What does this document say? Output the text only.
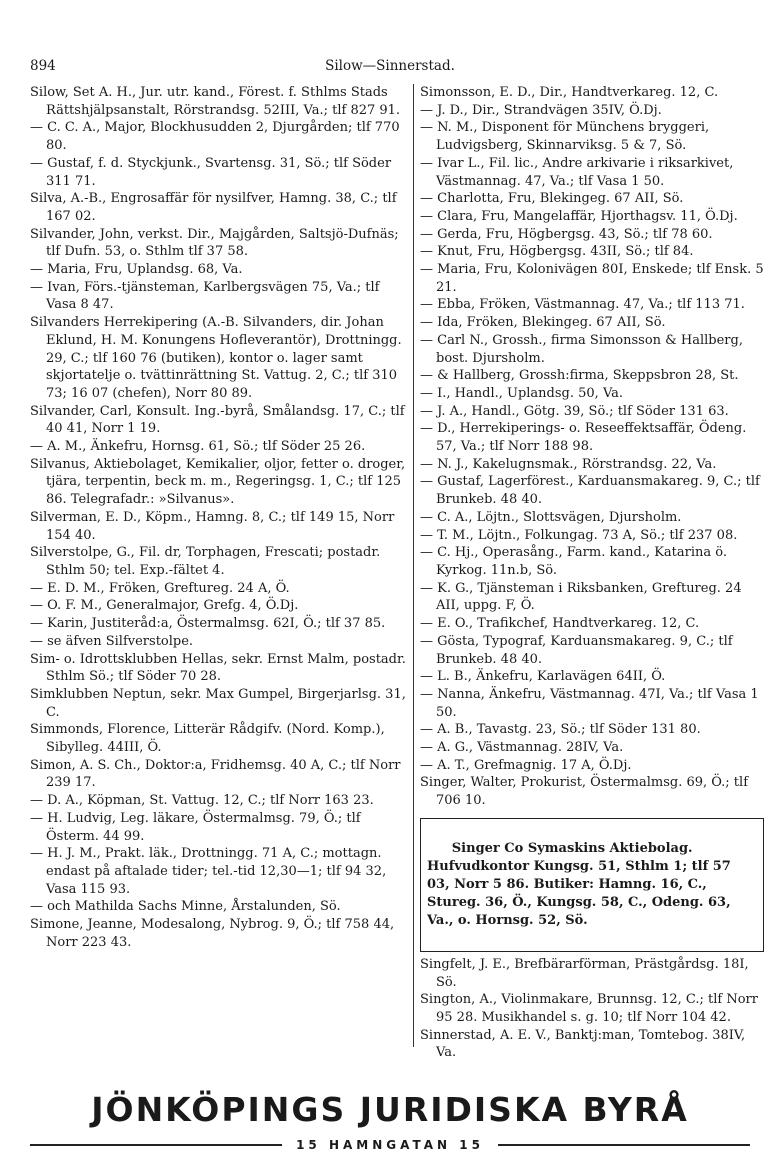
894	Silow—Sinnerstad.
Silow, Set A. H., Jur. utr. kand., Förest. f. Sthlms Stads Rättshjälpsanstalt, Rörstrandsg. 52III, Va.; tlf 827 91.
— C. C. A., Major, Blockhusudden 2, Djurgården; tlf 770 80.
— Gustaf, f. d. Styckjunk., Svartensg. 31, Sö.; tlf Söder 311 71.
Silva, A.-B., Engrosaffär för nysilfver, Hamng. 38, C.; tlf 167 02.
Silvander, John, verkst. Dir., Majgården, Saltsjö-Dufnäs; tlf Dufn. 53, o. Sthlm tlf 37 58.
— Maria, Fru, Uplandsg. 68, Va.
— Ivan, Förs.-tjänsteman, Karlbergsvägen 75, Va.; tlf Vasa 8 47.
Silvanders Herrekipering (A.-B. Silvanders, dir. Johan Eklund, H. M. Konungens Hofleverantör), Drottningg. 29, C.; tlf 160 76 (butiken), kontor o. lager samt skjortatelje o. tvättinrättning St. Vattug. 2, C.; tlf 310 73; 16 07 (chefen), Norr 80 89.
Silvander, Carl, Konsult. Ing.-byrå, Smålandsg. 17, C.; tlf 40 41, Norr 1 19.
— A. M., Änkefru, Hornsg. 61, Sö.; tlf Söder 25 26.
Silvanus, Aktiebolaget, Kemikalier, oljor, fetter o. droger, tjära, terpentin, beck m. m., Regeringsg. 1, C.; tlf 125 86. Telegrafadr.: »Silvanus».
Silverman, E. D., Köpm., Hamng. 8, C.; tlf 149 15, Norr 154 40.
Silverstolpe, G., Fil. dr, Torphagen, Frescati; postadr. Sthlm 50; tel. Exp.-fältet 4.
— E. D. M., Fröken, Greftureg. 24 A, Ö.
— O. F. M., Generalmajor, Grefg. 4, Ö.Dj.
— Karin, Justiteråd:a, Östermalmsg. 62I, Ö.; tlf 37 85.
— se äfven Silfverstolpe.
Sim- o. Idrottsklubben Hellas, sekr. Ernst Malm, postadr. Sthlm Sö.; tlf Söder 70 28.
Simklubben Neptun, sekr. Max Gumpel, Birgerjarlsg. 31, C.
Simmonds, Florence, Litterär Rådgifv. (Nord. Komp.), Sibylleg. 44III, Ö.
Simon, A. S. Ch., Doktor:a, Fridhemsg. 40 A, C.; tlf Norr 239 17.
— D. A., Köpman, St. Vattug. 12, C.; tlf Norr 163 23.
— H. Ludvig, Leg. läkare, Östermalmsg. 79, Ö.; tlf Österm. 44 99.
— H. J. M., Prakt. läk., Drottningg. 71 A, C.; mottagn. endast på aftalade tider; tel.-tid 12,30—1; tlf 94 32, Vasa 115 93.
— och Mathilda Sachs Minne, Årstalunden, Sö.
Simone, Jeanne, Modesalong, Nybrog. 9, Ö.; tlf 758 44, Norr 223 43.
Simonsson, E. D., Dir., Handtverkareg. 12, C.
— J. D., Dir., Strandvägen 35IV, Ö.Dj.
— N. M., Disponent för Münchens bryggeri, Ludvigsberg, Skinnarviksg. 5 & 7, Sö.
— Ivar L., Fil. lic., Andre arkivarie i riksarkivet, Västmannag. 47, Va.; tlf Vasa 1 50.
— Charlotta, Fru, Blekingeg. 67 AII, Sö.
— Clara, Fru, Mangelaffär, Hjorthagsv. 11, Ö.Dj.
— Gerda, Fru, Högbergsg. 43, Sö.; tlf 78 60.
— Knut, Fru, Högbergsg. 43II, Sö.; tlf 84.
— Maria, Fru, Kolonivägen 80I, Enskede; tlf Ensk. 5 21.
— Ebba, Fröken, Västmannag. 47, Va.; tlf 113 71.
— Ida, Fröken, Blekingeg. 67 AII, Sö.
— Carl N., Grossh., firma Simonsson & Hallberg, bost. Djursholm.
— & Hallberg, Grossh:firma, Skeppsbron 28, St.
— I., Handl., Uplandsg. 50, Va.
— J. A., Handl., Götg. 39, Sö.; tlf Söder 131 63.
— D., Herrekiperings- o. Reseeffektsaffär, Ödeng. 57, Va.; tlf Norr 188 98.
— N. J., Kakelugnsmak., Rörstrandsg. 22, Va.
— Gustaf, Lagerförest., Karduansmakareg. 9, C.; tlf Brunkeb. 48 40.
— C. A., Löjtn., Slottsvägen, Djursholm.
— T. M., Löjtn., Folkungag. 73 A, Sö.; tlf 237 08.
— C. Hj., Operasång., Farm. kand., Katarina ö. Kyrkog. 11n.b, Sö.
— K. G., Tjänsteman i Riksbanken, Greftureg. 24 AII, uppg. F, Ö.
— E. O., Trafikchef, Handtverkareg. 12, C.
— Gösta, Typograf, Karduansmakareg. 9, C.; tlf Brunkeb. 48 40.
— L. B., Änkefru, Karlavägen 64II, Ö.
— Nanna, Änkefru, Västmannag. 47I, Va.; tlf Vasa 1 50.
— A. B., Tavastg. 23, Sö.; tlf Söder 131 80.
— A. G., Västmannag. 28IV, Va.
— A. T., Grefmagnig. 17 A, Ö.Dj.
Singer, Walter, Prokurist, Östermalmsg. 69, Ö.; tlf 706 10.

Singer Co Symaskins Aktiebolag. Hufvudkontor Kungsg. 51, Sthlm 1; tlf 57 03, Norr 5 86. Butiker: Hamng. 16, C., Stureg. 36, Ö., Kungsg. 58, C., Odeng. 63, Va., o. Hornsg. 52, Sö.

Singfelt, J. E., Brefbärarförman, Prästgårdsg. 18I, Sö.
Sington, A., Violinmakare, Brunnsg. 12, C.; tlf Norr 95 28. Musikhandel s. g. 10; tlf Norr 104 42.
Sinnerstad, A. E. V., Banktj:man, Tomtebog. 38IV, Va.
JÖNKÖPINGS JURIDISKA BYRÅ
15 HAMNGATAN 15
